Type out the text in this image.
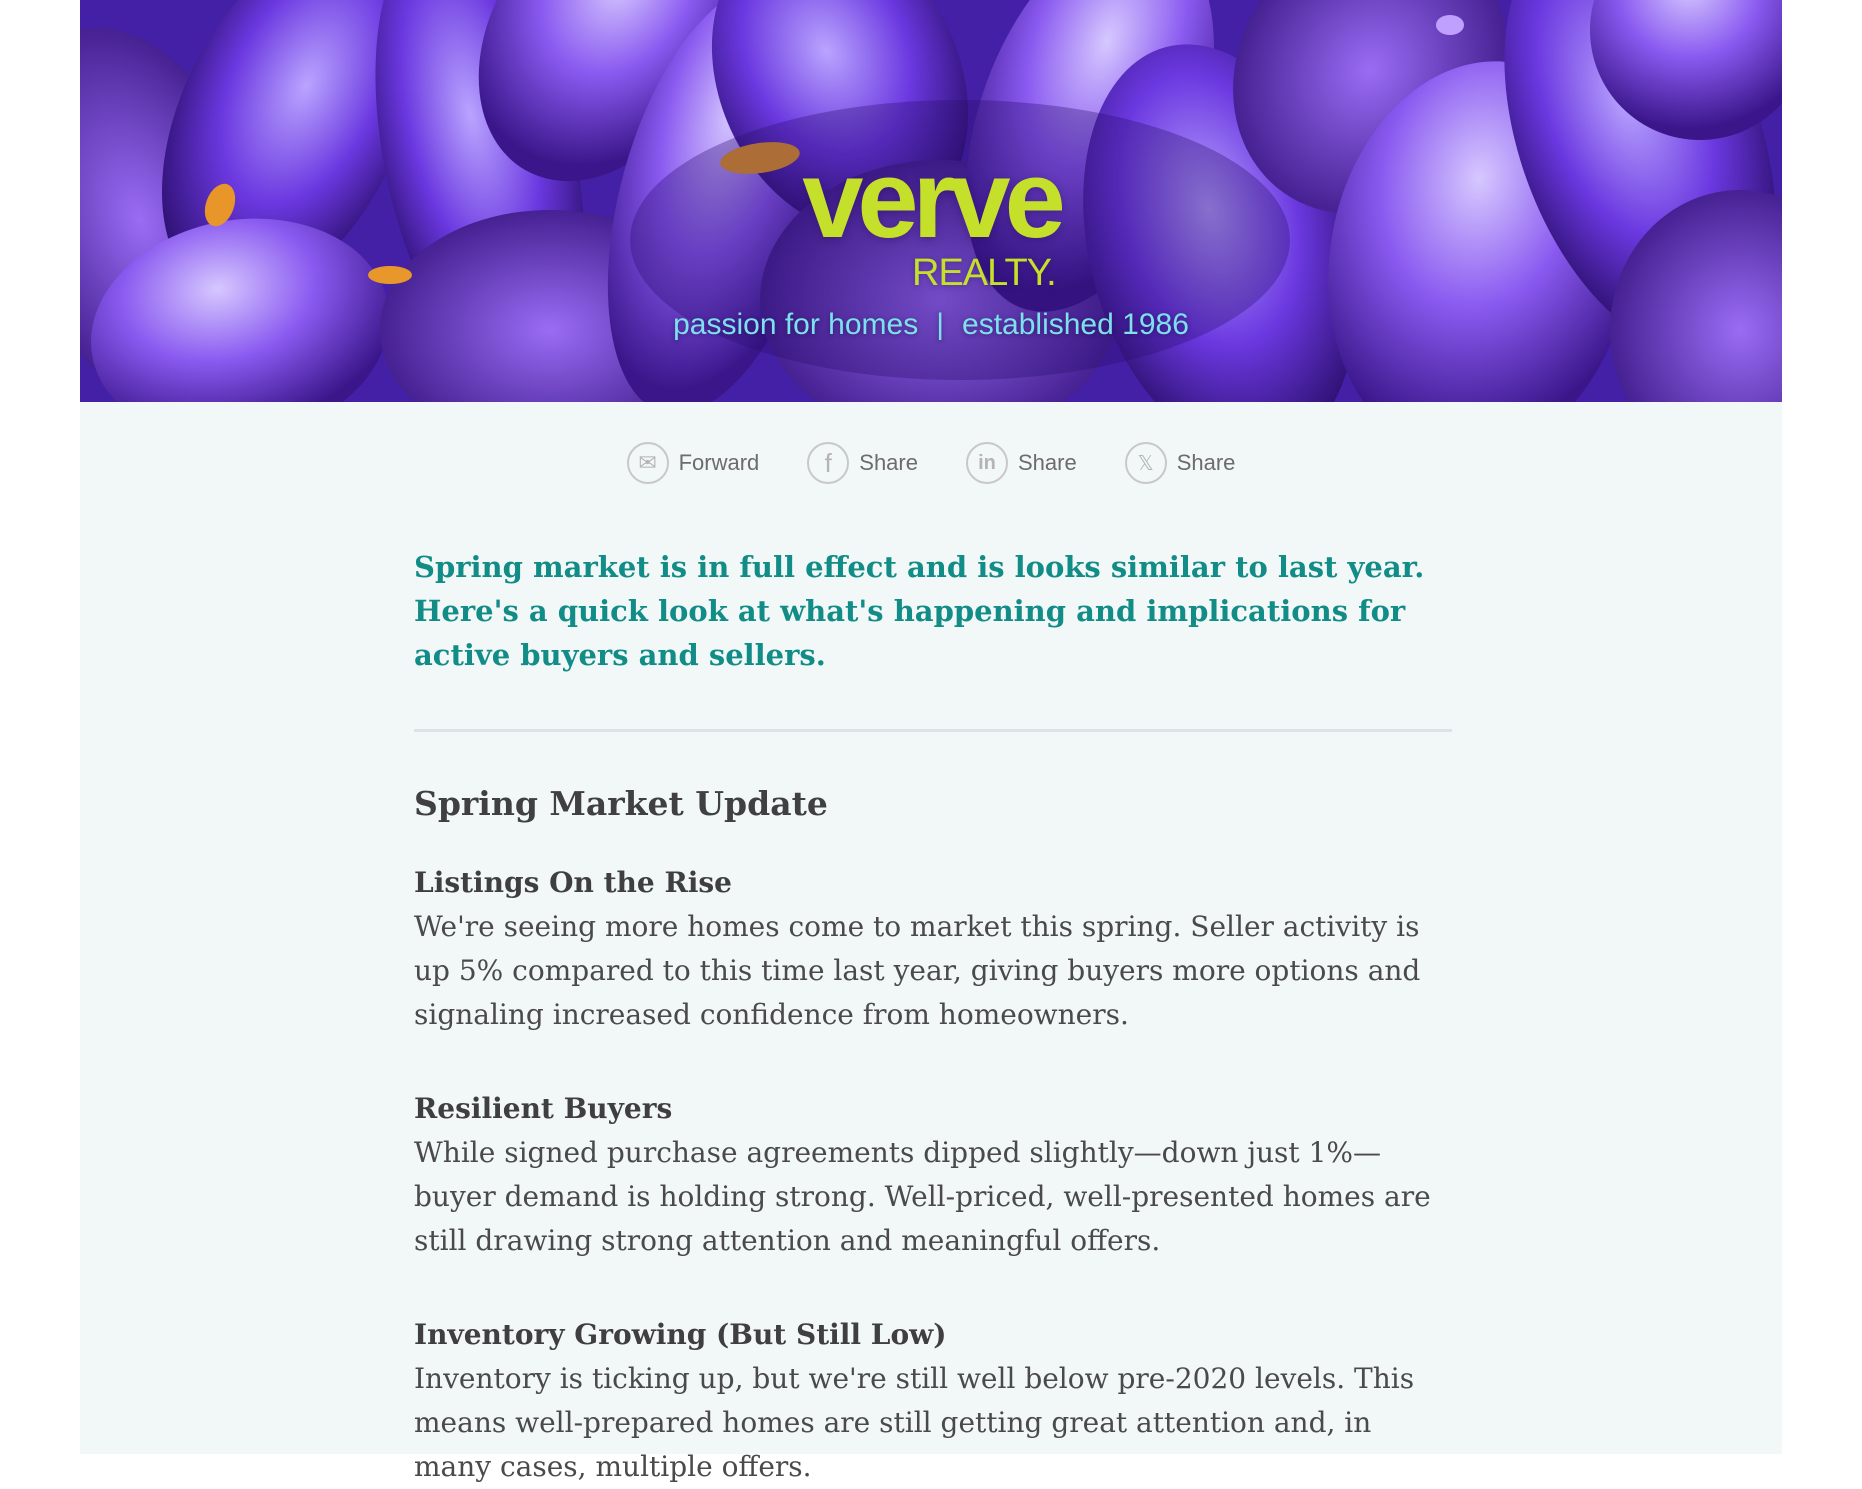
verve
REALTY.
passion for homes | established 1986
✉ Forward	f	Share	in	Share	𝕏	Share

Spring market is in full effect and is looks similar to last year. Here's a quick look at what's happening and implications for active buyers and sellers.

Spring Market Update
Listings On the Rise

We're seeing more homes come to market this spring. Seller activity is up 5% compared to this time last year, giving buyers more options and signaling increased confidence from homeowners.

Resilient Buyers

While signed purchase agreements dipped slightly—down just 1%—buyer demand is holding strong. Well-priced, well-presented homes are still drawing strong attention and meaningful offers.

Inventory Growing (But Still Low)

Inventory is ticking up, but we're still well below pre-2020 levels. This means well-prepared homes are still getting great attention and, in many cases, multiple offers.
